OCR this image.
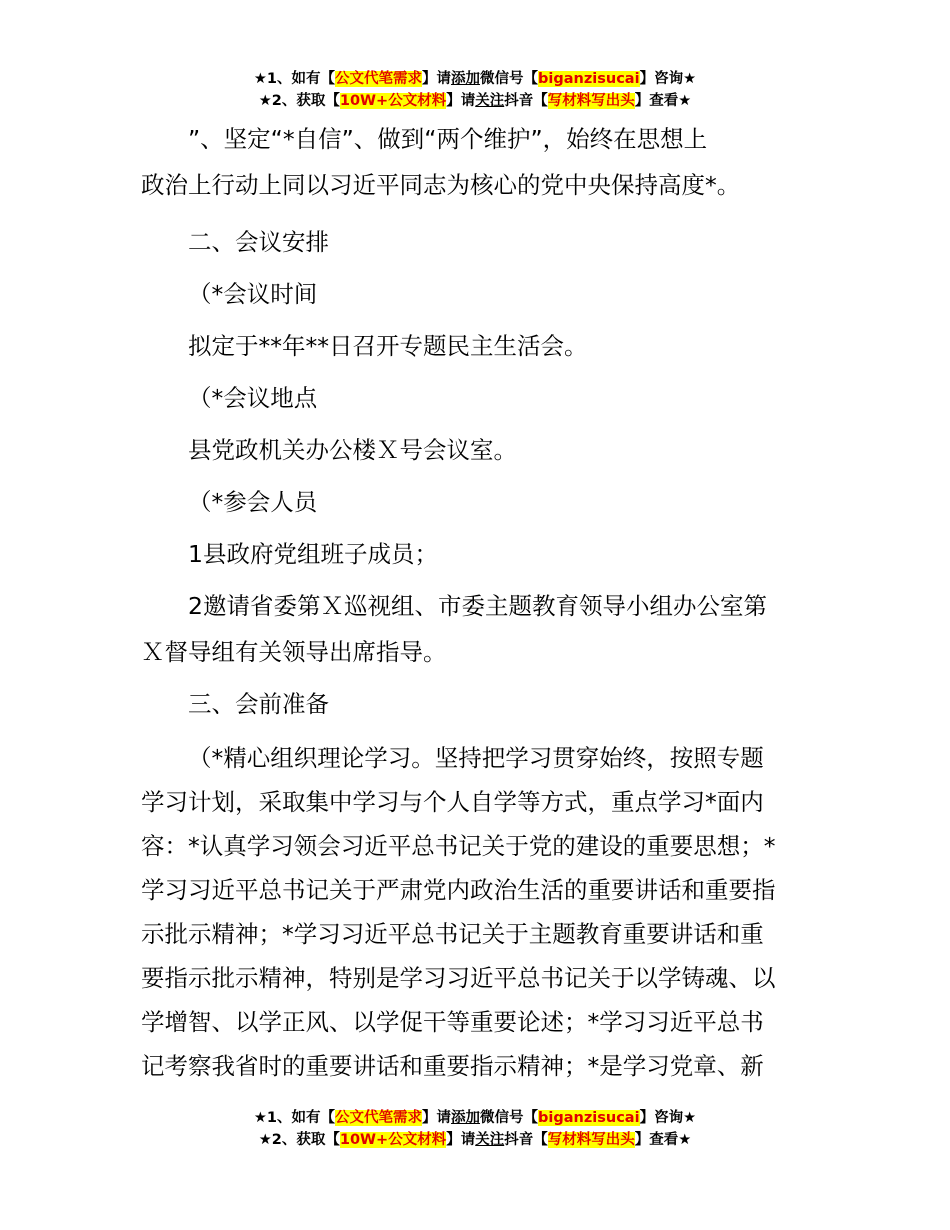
★1、如有【公文代笔需求】请添加微信号【biganzisucai】咨询★
★2、获取【10W+公文材料】请关注抖音【写材料写出头】查看★

”、坚定“*自信”、做到“两个维护”，始终在思想上

政治上行动上同以习近平同志为核心的党中央保持高度*。

二、会议安排

（*会议时间

拟定于**年**日召开专题民主生活会。

（*会议地点

县党政机关办公楼Ｘ号会议室。

（*参会人员

1县政府党组班子成员；

2邀请省委第Ｘ巡视组、市委主题教育领导小组办公室第

Ｘ督导组有关领导出席指导。

三、会前准备

（*精心组织理论学习。坚持把学习贯穿始终，按照专题

学习计划，采取集中学习与个人自学等方式，重点学习*面内

容：*认真学习领会习近平总书记关于党的建设的重要思想；*

学习习近平总书记关于严肃党内政治生活的重要讲话和重要指

示批示精神；*学习习近平总书记关于主题教育重要讲话和重

要指示批示精神，特别是学习习近平总书记关于以学铸魂、以

学增智、以学正风、以学促干等重要论述；*学习习近平总书

记考察我省时的重要讲话和重要指示精神；*是学习党章、新

★1、如有【公文代笔需求】请添加微信号【biganzisucai】咨询★
★2、获取【10W+公文材料】请关注抖音【写材料写出头】查看★
